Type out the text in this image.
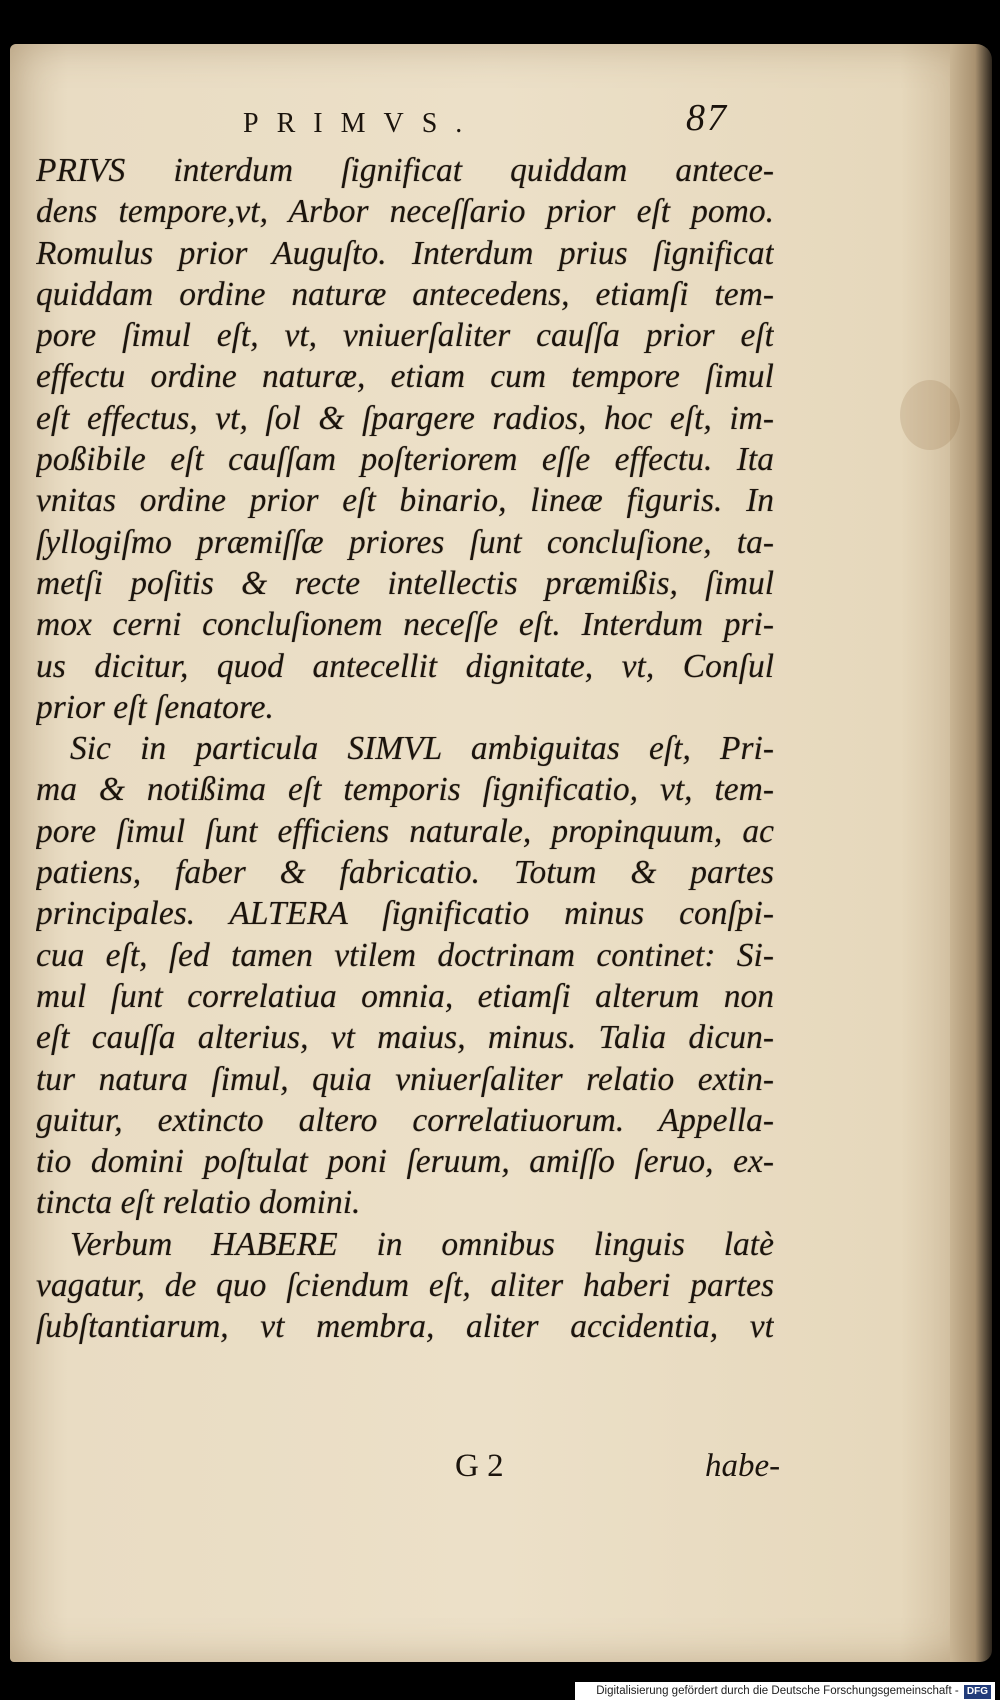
PRIMVS.	87
PRIVS interdum ſignificat quiddam antece-
dens tempore,vt, Arbor neceſſario prior eſt pomo.
Romulus prior Auguſto. Interdum prius ſignificat
quiddam ordine naturæ antecedens, etiamſi tem-
pore ſimul eſt, vt, vniuerſaliter cauſſa prior eſt
effectu ordine naturæ, etiam cum tempore ſimul
eſt effectus, vt, ſol & ſpargere radios, hoc eſt, im-
poßibile eſt cauſſam poſteriorem eſſe effectu. Ita
vnitas ordine prior eſt binario, lineæ figuris. In
ſyllogiſmo præmiſſæ priores ſunt concluſione, ta-
metſi poſitis & recte intellectis præmißis, ſimul
mox cerni concluſionem neceſſe eſt. Interdum pri-
us dicitur, quod antecellit dignitate, vt, Conſul
prior eſt ſenatore.
Sic in particula SIMVL ambiguitas eſt, Pri-
ma & notißima eſt temporis ſignificatio, vt, tem-
pore ſimul ſunt efficiens naturale, propinquum, ac
patiens, faber & fabricatio. Totum & partes
principales. ALTERA ſignificatio minus conſpi-
cua eſt, ſed tamen vtilem doctrinam continet: Si-
mul ſunt correlatiua omnia, etiamſi alterum non
eſt cauſſa alterius, vt maius, minus. Talia dicun-
tur natura ſimul, quia vniuerſaliter relatio extin-
guitur, extincto altero correlatiuorum. Appella-
tio domini poſtulat poni ſeruum, amiſſo ſeruo, ex-
tincta eſt relatio domini.
Verbum HABERE in omnibus linguis latè
vagatur, de quo ſciendum eſt, aliter haberi partes
ſubſtantiarum, vt membra, aliter accidentia, vt
G 2	habe-
Digitalisierung gefördert durch die Deutsche Forschungsgemeinschaft - DFG
